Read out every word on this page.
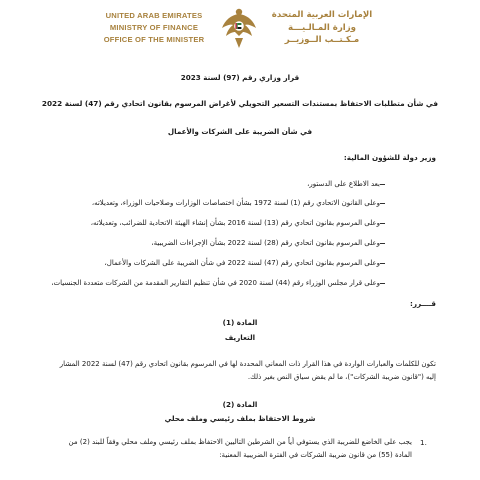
UNITED ARAB EMIRATES
MINISTRY OF FINANCE
OFFICE OF THE MINISTER
الإمارات العربية المتحدة
وزارة المـالـيـــة
مـكـتــب الــوزيــر
قرار وزاري رقم (97) لسنة 2023
في شأن متطلبات الاحتفاظ بمستندات التسعير التحويلي لأغراض المرسوم بقانون اتحادي رقم (47) لسنة 2022
في شأن الضريبة على الشركات والأعمال
وزير دولة للشؤون المالية:
بعد الاطلاع على الدستور،
وعلى القانون الاتحادي رقم (1) لسنة 1972 بشأن اختصاصات الوزارات وصلاحيات الوزراء، وتعديلاته،
وعلى المرسوم بقانون اتحادي رقم (13) لسنة 2016 بشأن إنشاء الهيئة الاتحادية للضرائب، وتعديلاته،
وعلى المرسوم بقانون اتحادي رقم (28) لسنة 2022 بشأن الإجراءات الضريبية،
وعلى المرسوم بقانون اتحادي رقم (47) لسنة 2022 في شأن الضريبة على الشركات والأعمال،
وعلى قرار مجلس الوزراء رقم (44) لسنة 2020 في شأن تنظيم التقارير المقدمة من الشركات متعددة الجنسيات،
قــــرر:
المادة (1)
التعاريف
تكون للكلمات والعبارات الواردة في هذا القرار ذات المعاني المحددة لها في المرسوم بقانون اتحادي رقم (47) لسنة 2022 المشار
إليه ("قانون ضريبة الشركات")، ما لم يقض سياق النص بغير ذلك.
المادة (2)
شروط الاحتفاظ بملف رئيسي وملف محلي
1.
يجب على الخاضع للضريبة الذي يستوفي أياً من الشرطين التاليين الاحتفاظ بملف رئيسي وملف محلي وفقاً للبند (2) من
المادة (55) من قانون ضريبة الشركات في الفترة الضريبية المعنية:
